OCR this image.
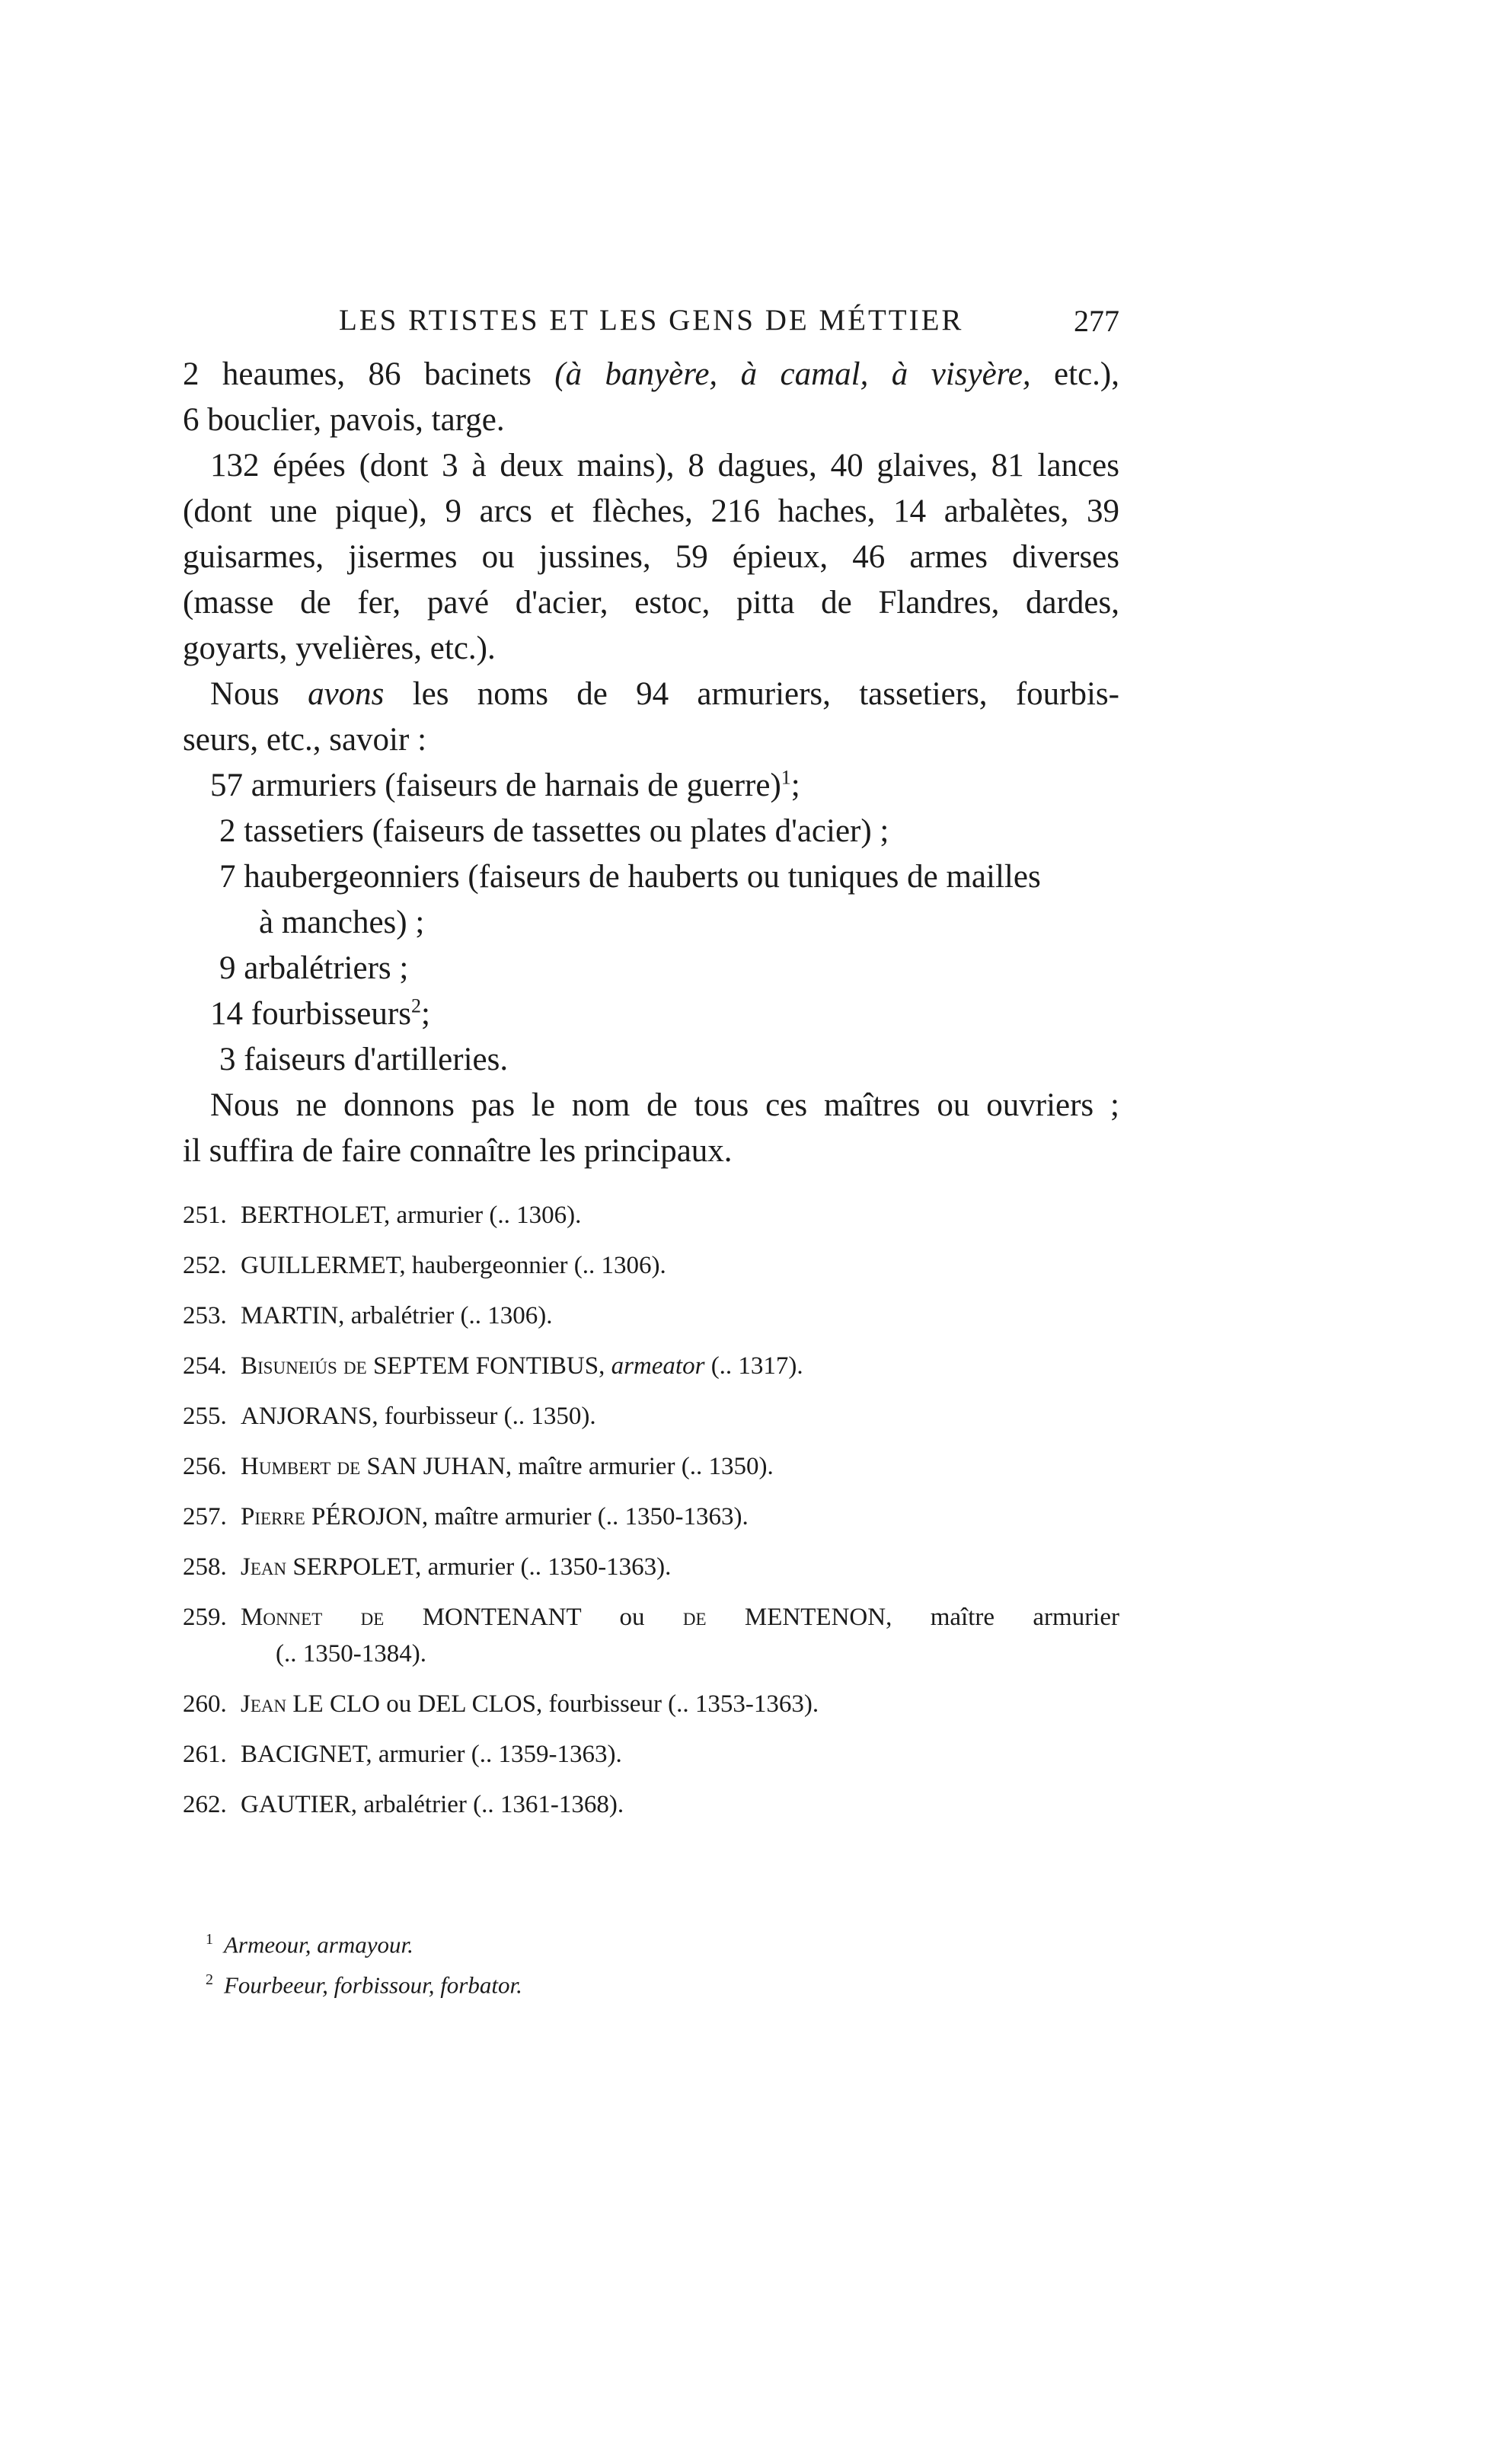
LES RTISTES ET LES GENS DE MÉTTIER	277
2 heaumes, 86 bacinets (à banyère, à camal, à visyère, etc.),
6 bouclier, pavois, targe.
132 épées (dont 3 à deux mains), 8 dagues, 40 glaives, 81 lances
(dont une pique), 9 arcs et flèches, 216 haches, 14 arbalètes, 39
guisarmes, jisermes ou jussines, 59 épieux, 46 armes diverses
(masse de fer, pavé d'acier, estoc, pitta de Flandres, dardes,
goyarts, yvelières, etc.).
Nous avons les noms de 94 armuriers, tassetiers, fourbis-
seurs, etc., savoir :
57 armuriers (faiseurs de harnais de guerre)$^1$;
2 tassetiers (faiseurs de tassettes ou plates d'acier) ;
7 haubergeonniers (faiseurs de hauberts ou tuniques de mailles
à manches) ;
9 arbalétriers ;
14 fourbisseurs$^2$;
3 faiseurs d'artilleries.
Nous ne donnons pas le nom de tous ces maîtres ou ouvriers ;
il suffira de faire connaître les principaux.
251. BERTHOLET, armurier (.. 1306).
252. GUILLERMET, haubergeonnier (.. 1306).
253. MARTIN, arbalétrier (.. 1306).
254. Bisuneiús de SEPTEM FONTIBUS, armeator (.. 1317).
255. ANJORANS, fourbisseur (.. 1350).
256. Humbert de SAN JUHAN, maître armurier (.. 1350).
257. Pierre PÉROJON, maître armurier (.. 1350-1363).
258. Jean SERPOLET, armurier (.. 1350-1363).
259. Monnet de MONTENANT ou de MENTENON, maître armurier
(.. 1350-1384).
260. Jean LE CLO ou DEL CLOS, fourbisseur (.. 1353-1363).
261. BACIGNET, armurier (.. 1359-1363).
262. GAUTIER, arbalétrier (.. 1361-1368).
$^1$ Armeour, armayour.
$^2$ Fourbeeur, forbissour, forbator.
